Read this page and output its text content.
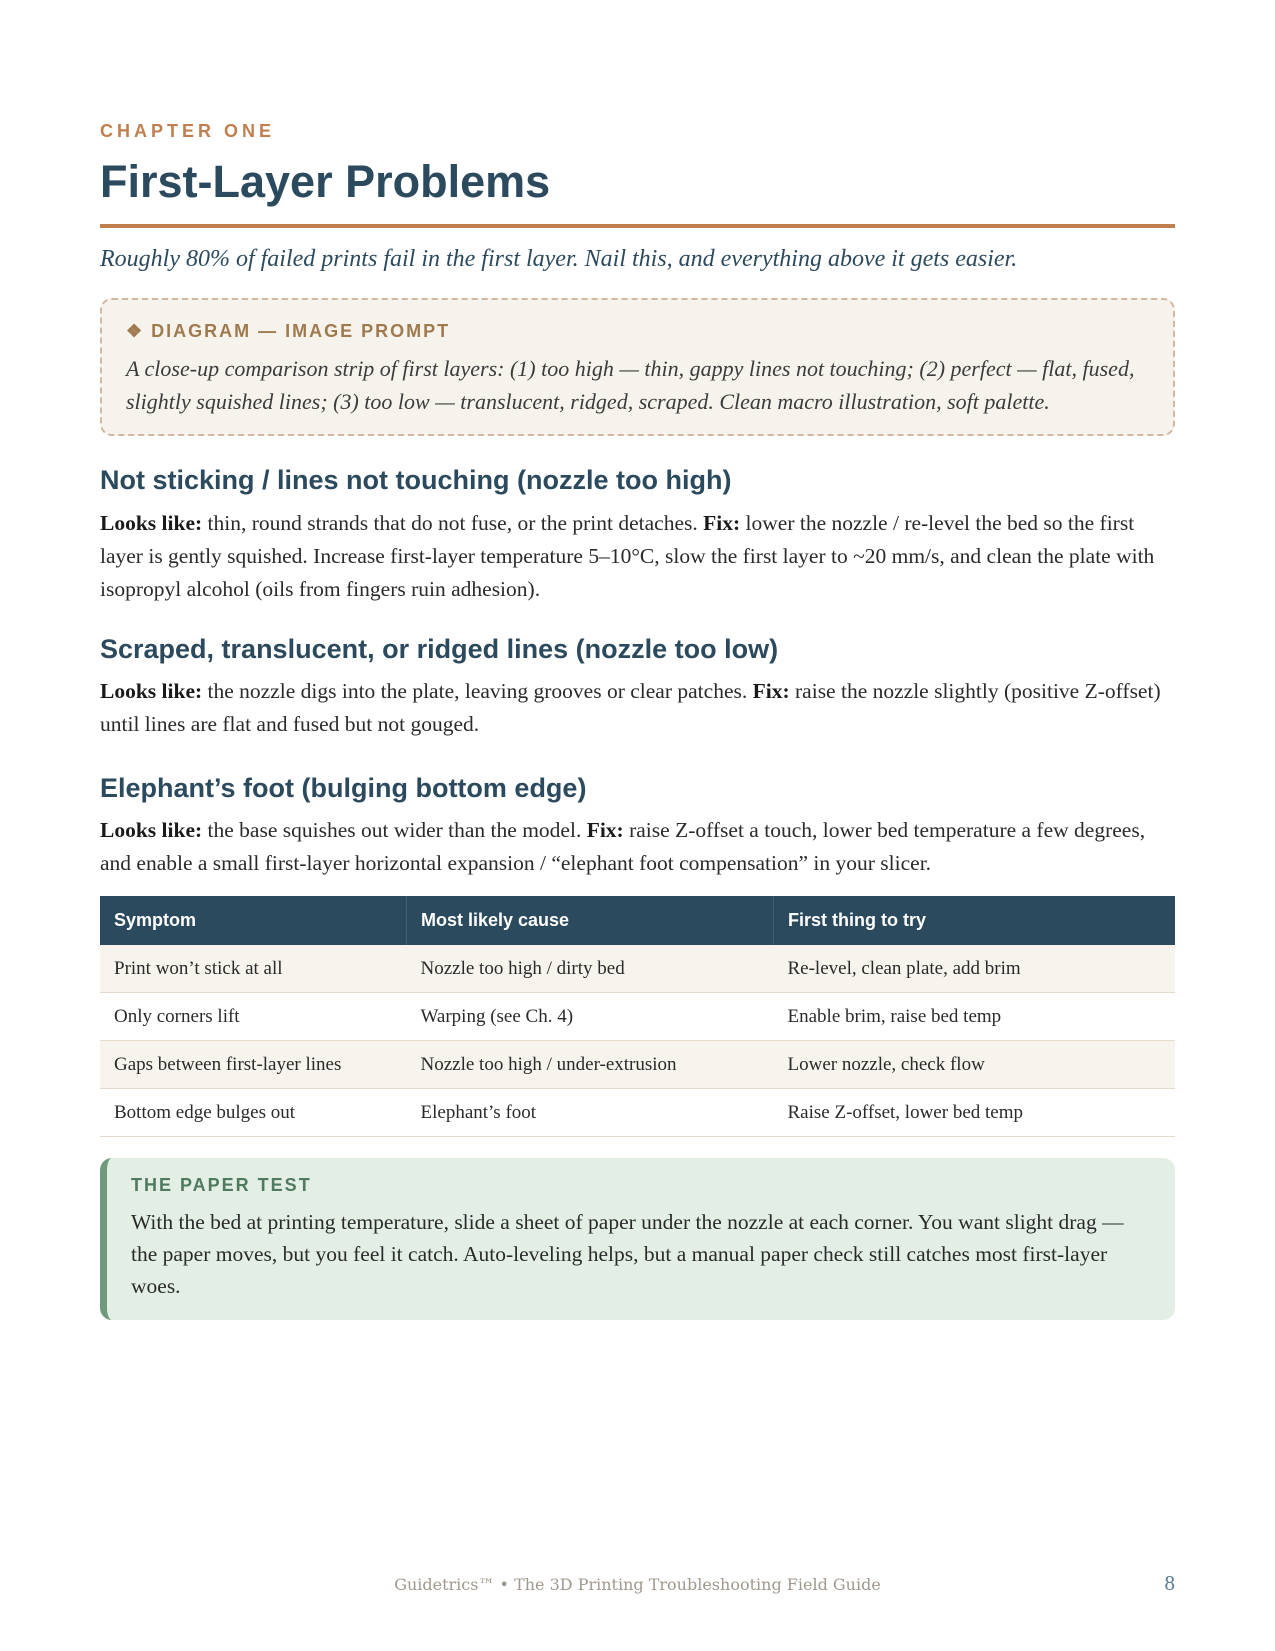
CHAPTER ONE
First-Layer Problems
Roughly 80% of failed prints fail in the first layer. Nail this, and everything above it gets easier.
❖ DIAGRAM — IMAGE PROMPT
A close-up comparison strip of first layers: (1) too high — thin, gappy lines not touching; (2) perfect — flat, fused, slightly squished lines; (3) too low — translucent, ridged, scraped. Clean macro illustration, soft palette.
Not sticking / lines not touching (nozzle too high)

Looks like: thin, round strands that do not fuse, or the print detaches. Fix: lower the nozzle / re-level the bed so the first layer is gently squished. Increase first-layer temperature 5–10°C, slow the first layer to ~20 mm/s, and clean the plate with isopropyl alcohol (oils from fingers ruin adhesion).

Scraped, translucent, or ridged lines (nozzle too low)

Looks like: the nozzle digs into the plate, leaving grooves or clear patches. Fix: raise the nozzle slightly (positive Z-offset) until lines are flat and fused but not gouged.

Elephant’s foot (bulging bottom edge)

Looks like: the base squishes out wider than the model. Fix: raise Z-offset a touch, lower bed temperature a few degrees, and enable a small first-layer horizontal expansion / “elephant foot compensation” in your slicer.

Symptom	Most likely cause	First thing to try
Print won’t stick at all	Nozzle too high / dirty bed	Re-level, clean plate, add brim
Only corners lift	Warping (see Ch. 4)	Enable brim, raise bed temp
Gaps between first-layer lines	Nozzle too high / under-extrusion	Lower nozzle, check flow
Bottom edge bulges out	Elephant’s foot	Raise Z-offset, lower bed temp
THE PAPER TEST
With the bed at printing temperature, slide a sheet of paper under the nozzle at each corner. You want slight drag — the paper moves, but you feel it catch. Auto-leveling helps, but a manual paper check still catches most first-layer woes.
Guidetrics™ • The 3D Printing Troubleshooting Field Guide	8
